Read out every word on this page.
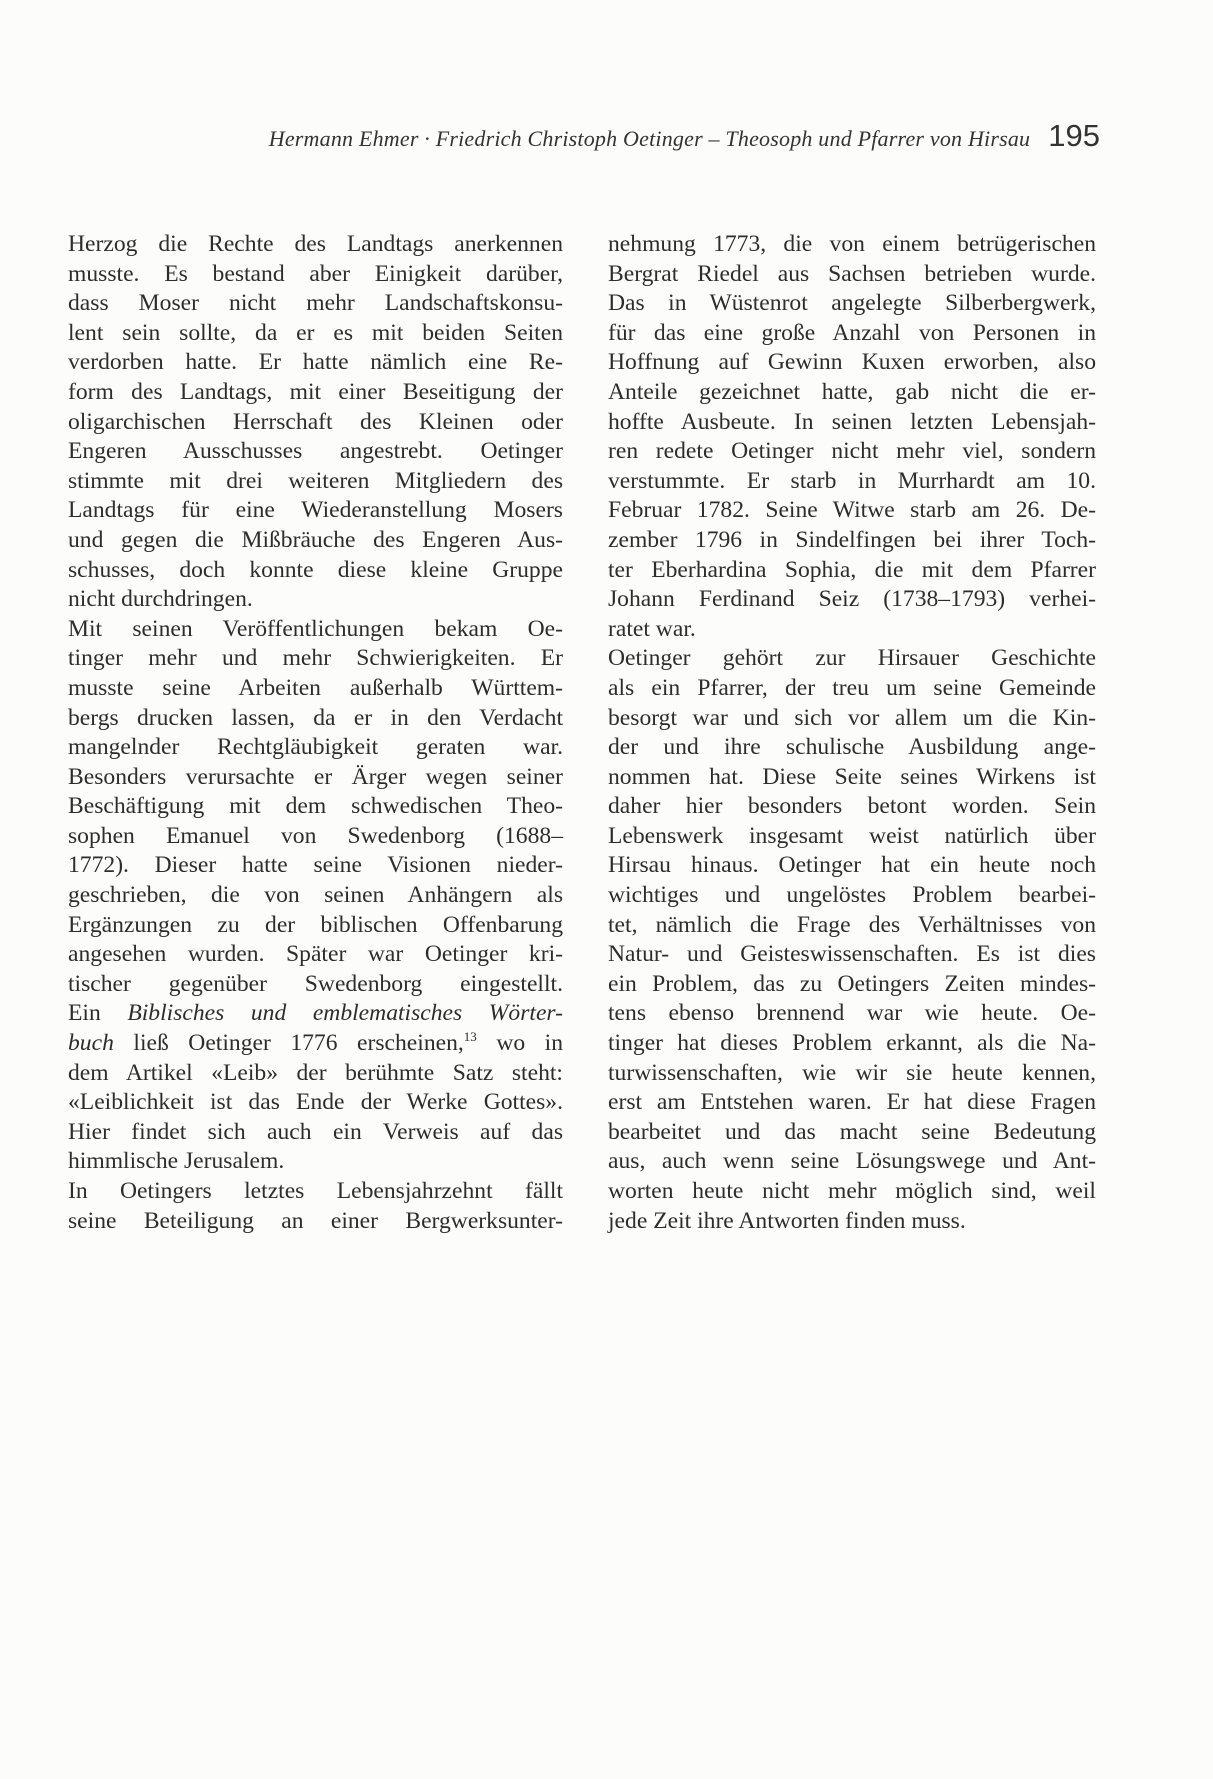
Hermann Ehmer · Friedrich Christoph Oetinger – Theosoph und Pfarrer von Hirsau 195
Herzog die Rechte des Landtags anerkennen
musste. Es bestand aber Einigkeit darüber,
dass Moser nicht mehr Landschaftskonsu-
lent sein sollte, da er es mit beiden Seiten
verdorben hatte. Er hatte nämlich eine Re-
form des Landtags, mit einer Beseitigung der
oligarchischen Herrschaft des Kleinen oder
Engeren Ausschusses angestrebt. Oetinger
stimmte mit drei weiteren Mitgliedern des
Landtags für eine Wiederanstellung Mosers
und gegen die Mißbräuche des Engeren Aus-
schusses, doch konnte diese kleine Gruppe
nicht durchdringen.
Mit seinen Veröffentlichungen bekam Oe-
tinger mehr und mehr Schwierigkeiten. Er
musste seine Arbeiten außerhalb Württem-
bergs drucken lassen, da er in den Verdacht
mangelnder Rechtgläubigkeit geraten war.
Besonders verursachte er Ärger wegen seiner
Beschäftigung mit dem schwedischen Theo-
sophen Emanuel von Swedenborg (1688–
1772). Dieser hatte seine Visionen nieder-
geschrieben, die von seinen Anhängern als
Ergänzungen zu der biblischen Offenbarung
angesehen wurden. Später war Oetinger kri-
tischer gegenüber Swedenborg eingestellt.
Ein Biblisches und emblematisches Wörter-
buch ließ Oetinger 1776 erscheinen,$^{13}$ wo in
dem Artikel «Leib» der berühmte Satz steht:
«Leiblichkeit ist das Ende der Werke Gottes».
Hier findet sich auch ein Verweis auf das
himmlische Jerusalem.
In Oetingers letztes Lebensjahrzehnt fällt
seine Beteiligung an einer Bergwerksunter-
nehmung 1773, die von einem betrügerischen
Bergrat Riedel aus Sachsen betrieben wurde.
Das in Wüstenrot angelegte Silberbergwerk,
für das eine große Anzahl von Personen in
Hoffnung auf Gewinn Kuxen erworben, also
Anteile gezeichnet hatte, gab nicht die er-
hoffte Ausbeute. In seinen letzten Lebensjah-
ren redete Oetinger nicht mehr viel, sondern
verstummte. Er starb in Murrhardt am 10.
Februar 1782. Seine Witwe starb am 26. De-
zember 1796 in Sindelfingen bei ihrer Toch-
ter Eberhardina Sophia, die mit dem Pfarrer
Johann Ferdinand Seiz (1738–1793) verhei-
ratet war.
Oetinger gehört zur Hirsauer Geschichte
als ein Pfarrer, der treu um seine Gemeinde
besorgt war und sich vor allem um die Kin-
der und ihre schulische Ausbildung ange-
nommen hat. Diese Seite seines Wirkens ist
daher hier besonders betont worden. Sein
Lebenswerk insgesamt weist natürlich über
Hirsau hinaus. Oetinger hat ein heute noch
wichtiges und ungelöstes Problem bearbei-
tet, nämlich die Frage des Verhältnisses von
Natur- und Geisteswissenschaften. Es ist dies
ein Problem, das zu Oetingers Zeiten mindes-
tens ebenso brennend war wie heute. Oe-
tinger hat dieses Problem erkannt, als die Na-
turwissenschaften, wie wir sie heute kennen,
erst am Entstehen waren. Er hat diese Fragen
bearbeitet und das macht seine Bedeutung
aus, auch wenn seine Lösungswege und Ant-
worten heute nicht mehr möglich sind, weil
jede Zeit ihre Antworten finden muss.
